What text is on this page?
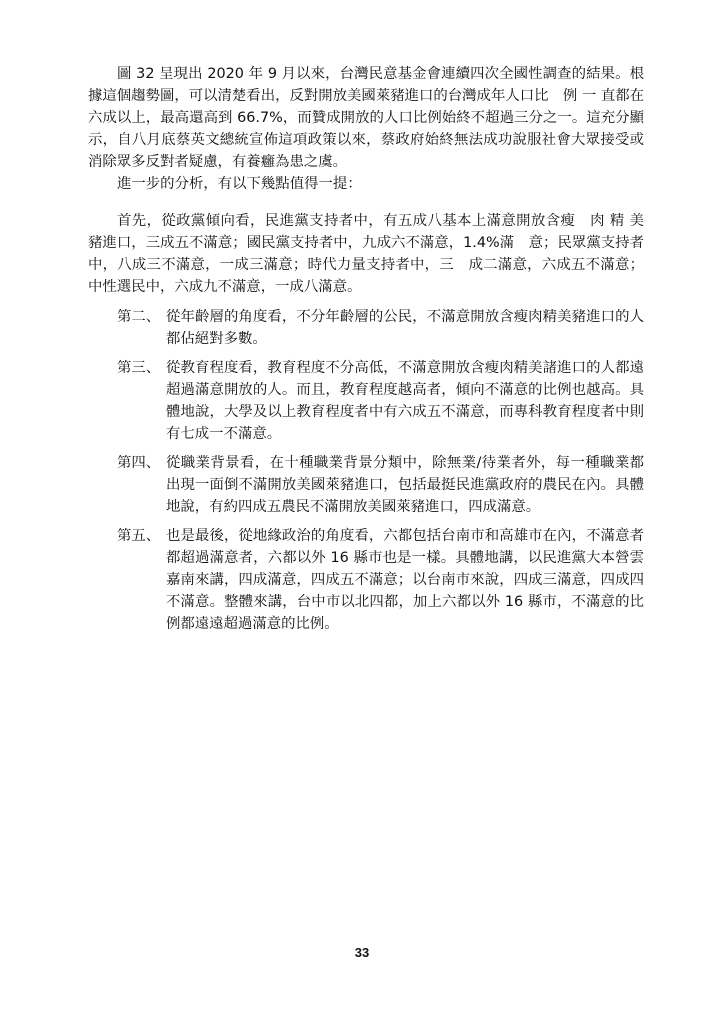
圖 32 呈現出 2020 年 9 月以來，台灣民意基金會連續四次全國性調查的結果。根據這個趨勢圖，可以清楚看出，反對開放美國萊豬進口的台灣成年人口比　例 一 直都在六成以上，最高還高到 66.7%，而贊成開放的人口比例始終不超過三分之一。這充分顯示，自八月底蔡英文總統宣佈這項政策以來，蔡政府始終無法成功說服社會大眾接受或消除眾多反對者疑慮，有養癰為患之虞。

進一步的分析，有以下幾點值得一提：

首先，從政黨傾向看，民進黨支持者中，有五成八基本上滿意開放含瘦　肉 精 美豬進口，三成五不滿意；國民黨支持者中，九成六不滿意，1.4%滿　意；民眾黨支持者中，八成三不滿意，一成三滿意；時代力量支持者中，三　成二滿意，六成五不滿意；中性選民中，六成九不滿意，一成八滿意。

第二、 從年齡層的角度看，不分年齡層的公民，不滿意開放含瘦肉精美豬進口的人都佔絕對多數。
第三、 從教育程度看，教育程度不分高低，不滿意開放含瘦肉精美諸進口的人都遠超過滿意開放的人。而且，教育程度越高者，傾向不滿意的比例也越高。具體地說，大學及以上教育程度者中有六成五不滿意，而專科教育程度者中則有七成一不滿意。
第四、 從職業背景看，在十種職業背景分類中，除無業/待業者外，每一種職業都出現一面倒不滿開放美國萊豬進口，包括最挺民進黨政府的農民在內。具體地說，有約四成五農民不滿開放美國萊豬進口，四成滿意。
第五、 也是最後，從地緣政治的角度看，六都包括台南市和高雄市在內，不滿意者都超過滿意者，六都以外 16 縣市也是一樣。具體地講，以民進黨大本營雲嘉南來講，四成滿意，四成五不滿意；以台南市來說，四成三滿意，四成四不滿意。整體來講，台中市以北四都，加上六都以外 16 縣市，不滿意的比例都遠遠超過滿意的比例。
33
